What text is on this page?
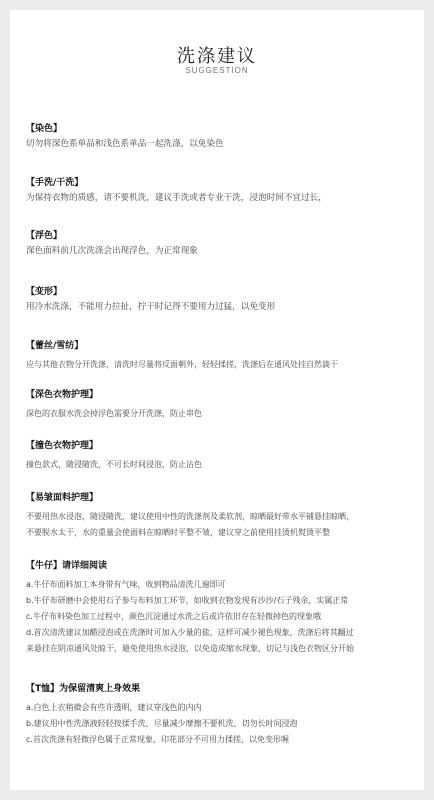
洗涤建议
SUGGESTION
【染色】
切勿将深色系单品和浅色系单品一起洗涤，以免染色
【手洗/干洗】
为保持衣物的质感，请不要机洗，建议手洗或者专业干洗，浸泡时间不宜过长，
【浮色】
深色面料前几次洗涤会出现浮色，为正常现象
【变形】
用冷水洗涤，不能用力拉扯，拧干时记得不要用力过猛，以免变形
【蕾丝/雪纺】
应与其他衣物分开洗涤，清洗时尽量将反面朝外，轻轻揉搓，洗涤后在通风处挂自然滴干
【深色衣物护理】
深色的衣服水洗会掉浮色需要分开洗涤，防止串色
【撞色衣物护理】
撞色款式，随浸随洗，不可长时间浸泡，防止沾色
【易皱面料护理】
不要用热水浸泡，随浸随洗，建议使用中性的洗涤剂及柔软剂，晾晒最好带水平铺悬挂晾晒，
不要脱水太干，水的重量会使面料在晾晒时平整不皱，建议穿之前使用挂烫机熨烫平整
【牛仔】请详细阅读
a.牛仔布面料加工本身带有气味，收到物品清洗几遍即可
b.牛仔布研磨中会使用石子参与布料加工环节，如收到衣物发现有沙沙/石子残余，实属正常
c.牛仔布料染色加工过程中，颜色沉淀通过水洗之后或许依旧存在轻微掉色的现象哦
d.首次清洗建议加醋浸泡或在洗涤时可加入少量的盐，这样可减少褪色现象，洗涤后将其翻过
来悬挂在阴凉通风处晾干，避免使用热水浸泡，以免造成缩水现象，切记与浅色衣物区分开始
【T恤】为保留清爽上身效果
a.白色上衣稍微会有些许透明，建议穿浅色的内内
b.建议用中性洗涤液轻轻按揉手洗，尽量减少摩擦不要机洗，切勿长时间浸泡
c.首次洗涤有轻微浮色属于正常现象，印花部分不可用力揉搓，以免变形喔
